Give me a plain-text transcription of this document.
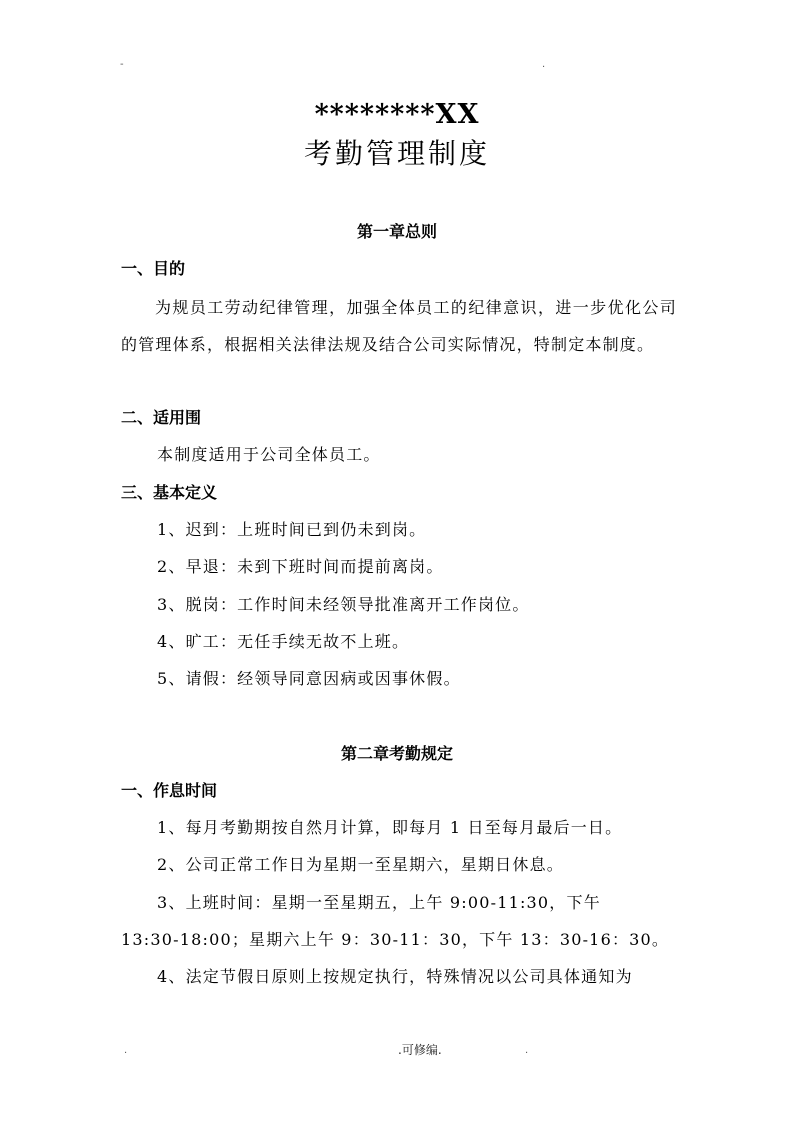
-	.
********XX
考勤管理制度
第一章总则
一、目的

为规员工劳动纪律管理，加强全体员工的纪律意识，进一步优化公司的管理体系，根据相关法律法规及结合公司实际情况，特制定本制度。

二、适用围
本制度适用于公司全体员工。
三、基本定义
1、迟到：上班时间已到仍未到岗。
2、早退：未到下班时间而提前离岗。
3、脱岗：工作时间未经领导批准离开工作岗位。
4、旷工：无任手续无故不上班。
5、请假：经领导同意因病或因事休假。
第二章考勤规定
一、作息时间
1、每月考勤期按自然月计算，即每月 1 日至每月最后一日。
2、公司正常工作日为星期一至星期六，星期日休息。
3、上班时间：星期一至星期五，上午 9:00-11:30，下午
13:30-18:00；星期六上午 9：30-11：30，下午 13：30-16：30。
4、法定节假日原则上按规定执行，特殊情况以公司具体通知为
.	.可修编.	.
